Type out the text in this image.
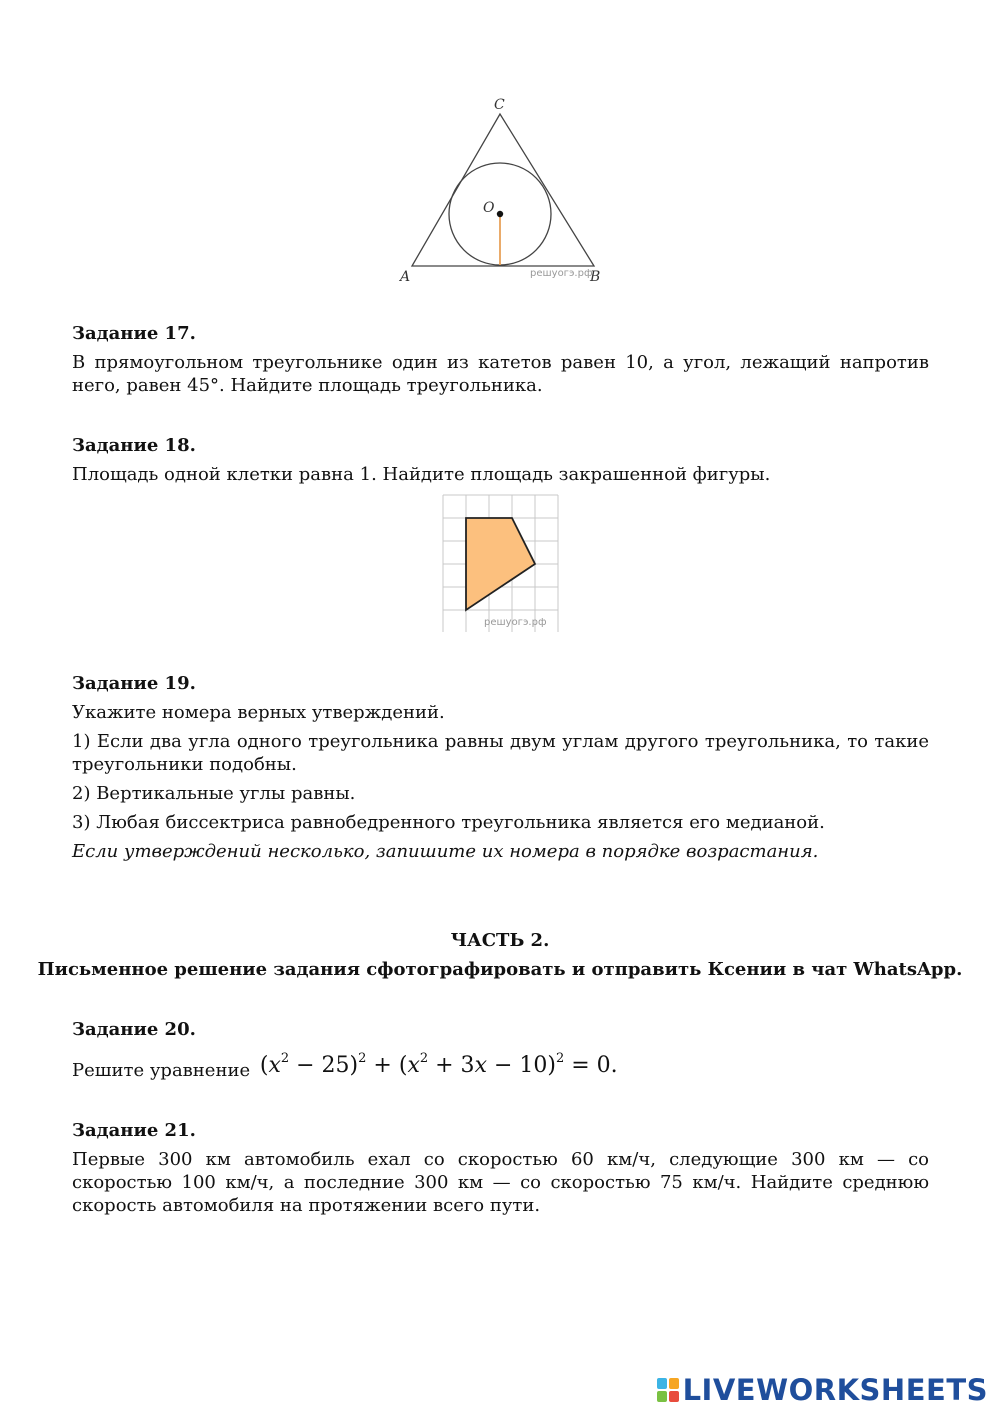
C
O
A	B
решуогэ.рф

Задание 17.

В прямоугольном треугольнике один из катетов равен 10, а угол, лежащий напротив него, равен 45°. Найдите площадь треугольника.

Задание 18.

Площадь одной клетки равна 1. Найдите площадь закрашенной фигуры.

решуогэ.рф

Задание 19.

Укажите номера верных утверждений.

1) Если два угла одного треугольника равны двум углам другого треугольника, то такие треугольники подобны.

2) Вертикальные углы равны.

3) Любая биссектриса равнобедренного треугольника является его медианой.

Если утверждений несколько, запишите их номера в порядке возрастания.

ЧАСТЬ 2.
Письменное решение задания сфотографировать и отправить Ксении в чат WhatsApp.

Задание 20.

Решите уравнение $(x^2 - 25)^2 + (x^2 + 3x - 10)^2 = 0$.

Задание 21.

Первые 300 км автомобиль ехал со скоростью 60 км/ч, следующие 300 км — со скоростью 100 км/ч, а последние 300 км — со скоростью 75 км/ч. Найдите среднюю скорость автомобиля на протяжении всего пути.

LIVEWORKSHEETS
